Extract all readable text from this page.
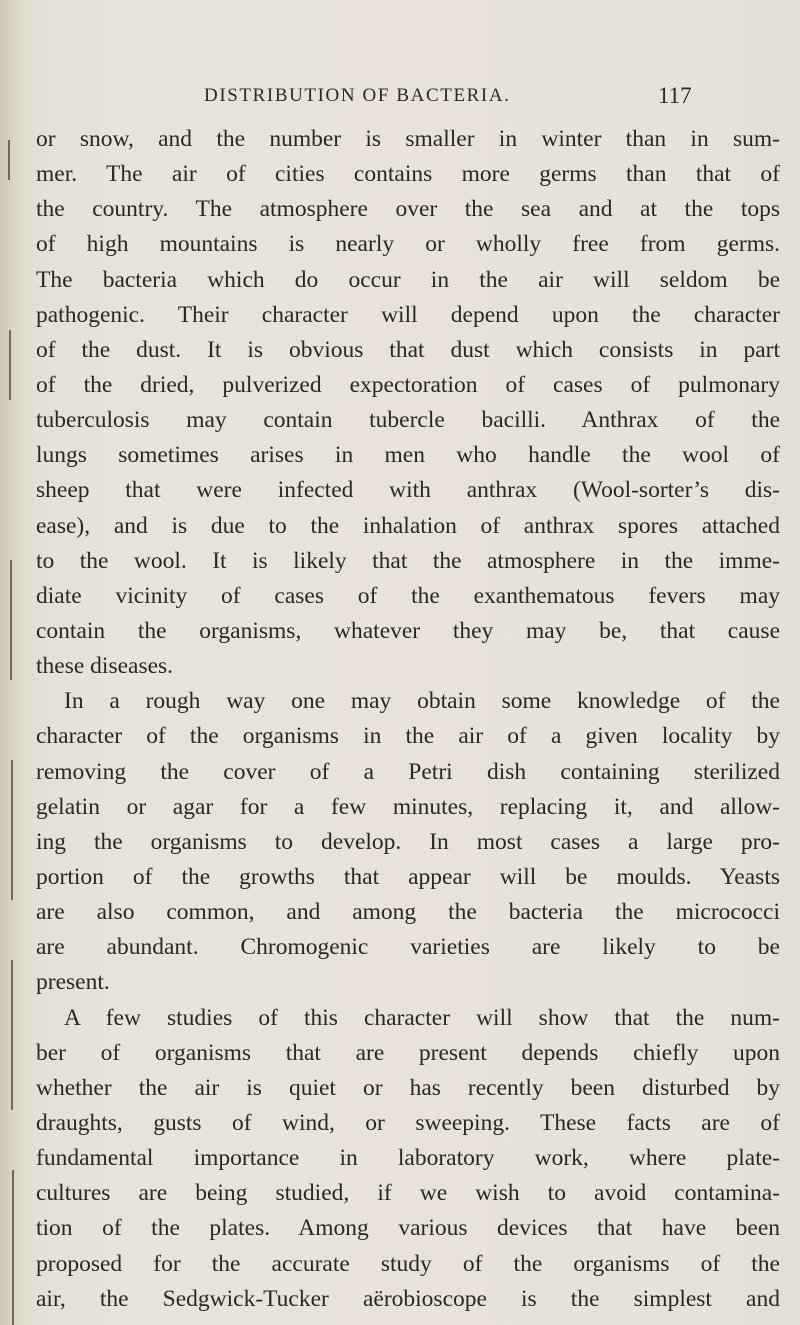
DISTRIBUTION OF BACTERIA.	117
or snow, and the number is smaller in winter than in sum-
mer. The air of cities contains more germs than that of
the country. The atmosphere over the sea and at the tops
of high mountains is nearly or wholly free from germs.
The bacteria which do occur in the air will seldom be
pathogenic. Their character will depend upon the character
of the dust. It is obvious that dust which consists in part
of the dried, pulverized expectoration of cases of pulmonary
tuberculosis may contain tubercle bacilli. Anthrax of the
lungs sometimes arises in men who handle the wool of
sheep that were infected with anthrax (Wool-sorter’s dis-
ease), and is due to the inhalation of anthrax spores attached
to the wool. It is likely that the atmosphere in the imme-
diate vicinity of cases of the exanthematous fevers may
contain the organisms, whatever they may be, that cause
these diseases.
In a rough way one may obtain some knowledge of the
character of the organisms in the air of a given locality by
removing the cover of a Petri dish containing sterilized
gelatin or agar for a few minutes, replacing it, and allow-
ing the organisms to develop. In most cases a large pro-
portion of the growths that appear will be moulds. Yeasts
are also common, and among the bacteria the micrococci
are abundant. Chromogenic varieties are likely to be
present.
A few studies of this character will show that the num-
ber of organisms that are present depends chiefly upon
whether the air is quiet or has recently been disturbed by
draughts, gusts of wind, or sweeping. These facts are of
fundamental importance in laboratory work, where plate-
cultures are being studied, if we wish to avoid contamina-
tion of the plates. Among various devices that have been
proposed for the accurate study of the organisms of the
air, the Sedgwick-Tucker aërobioscope is the simplest and
